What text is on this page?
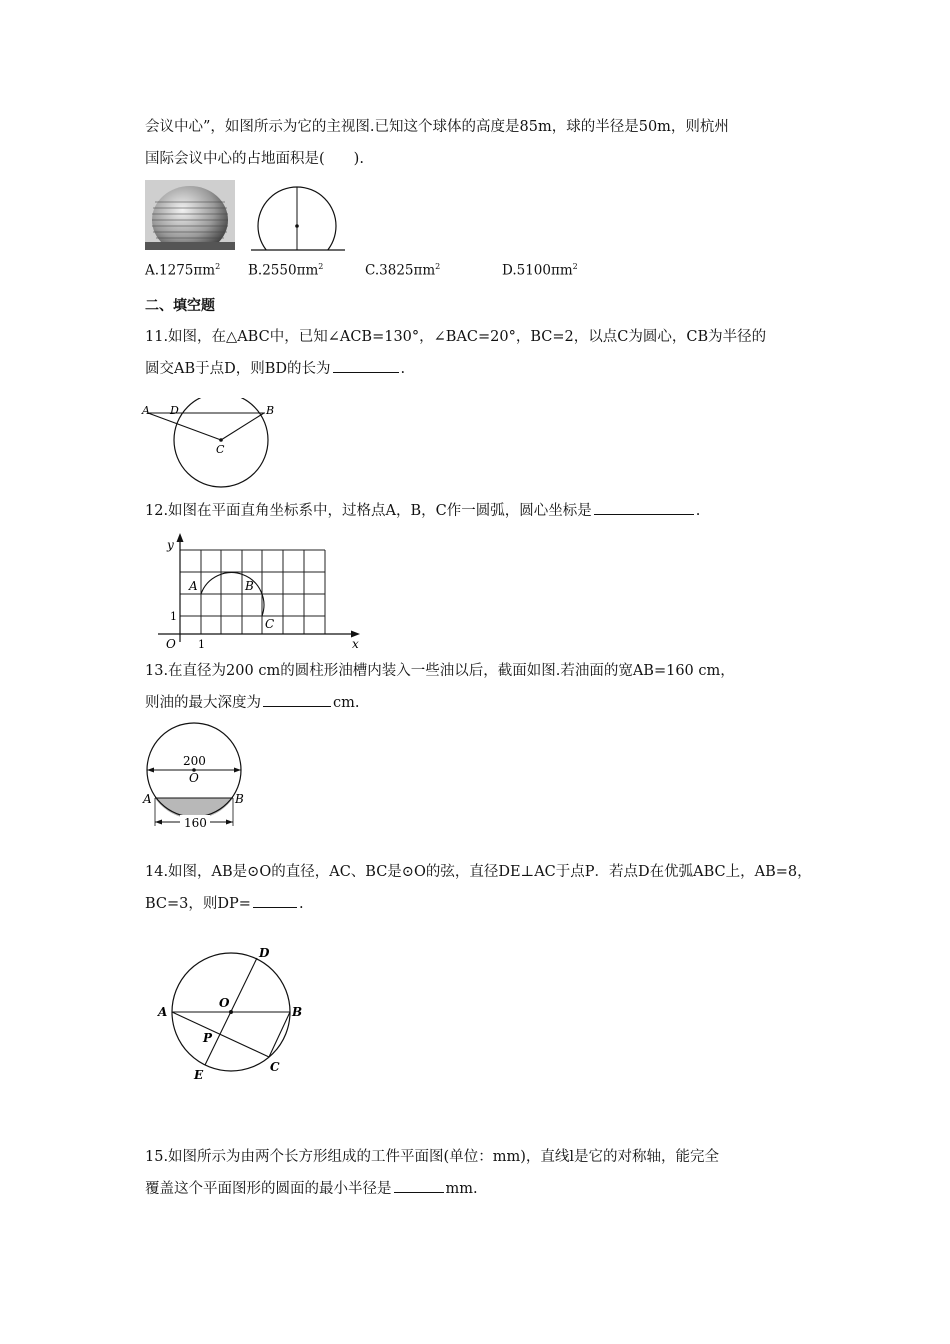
会议中心”，如图所示为它的主视图.已知这个球体的高度是85m，球的半径是50m，则杭州
国际会议中心的占地面积是(　　).
$A.1275\pi m^2$ $B.2550\pi m^2$	$C.3825\pi m^2$	$D.5100\pi m^2$
二、填空题
11.如图，在△ABC中，已知∠ACB=130°，∠BAC=20°，BC=2，以点C为圆心，CB为半径的
圆交AB于点D，则BD的长为	.
A D	B
C
12.如图在平面直角坐标系中，过格点A，B，C作一圆弧，圆心坐标是	.
y
x
O 1
1
A	B
C
13.在直径为200 cm的圆柱形油槽内装入一些油以后，截面如图.若油面的宽AB=160 cm，
则油的最大深度为	cm.
200
O
A	B
160
14.如图，AB是⊙O的直径，AC、BC是⊙O的弦，直径DE⊥AC于点P．若点D在优弧ABC上，AB=8，
BC=3，则DP=	.
A	B
C
D
E
O
P
15.如图所示为由两个长方形组成的工件平面图(单位：mm)，直线l是它的对称轴，能完全
覆盖这个平面图形的圆面的最小半径是	mm.
